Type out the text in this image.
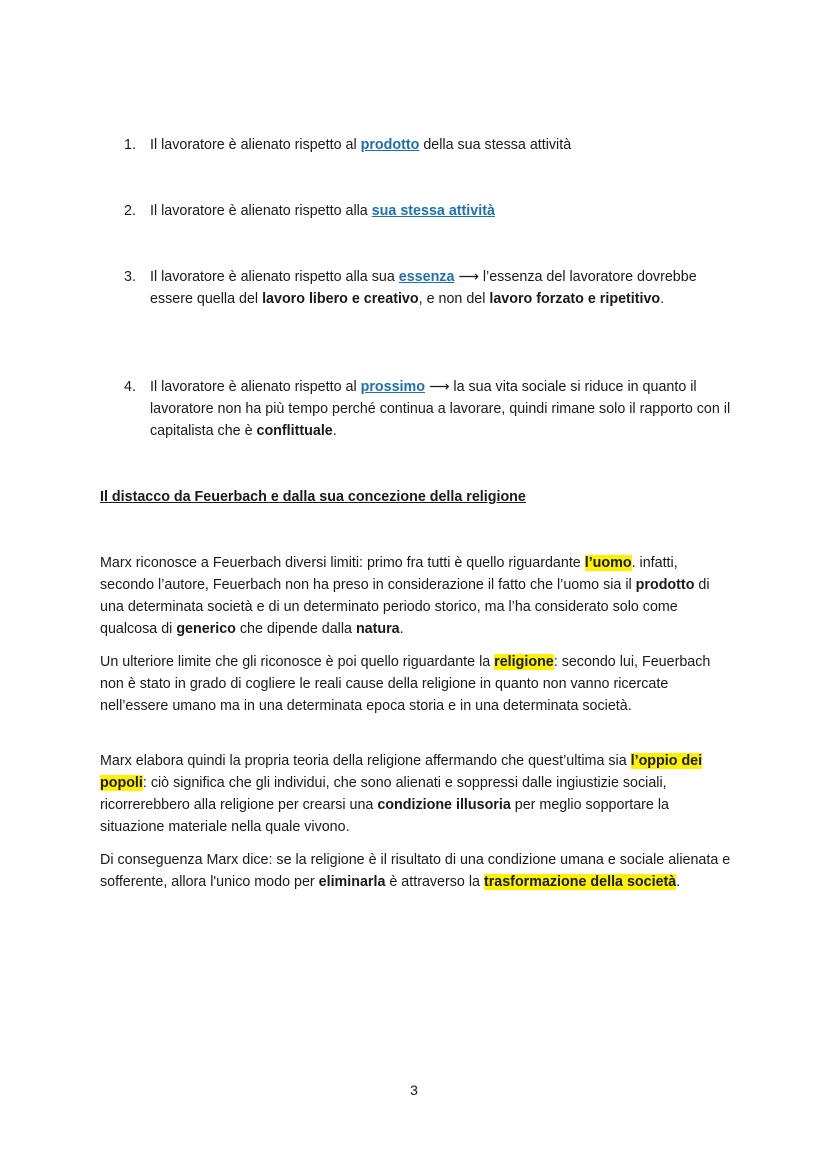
1. Il lavoratore è alienato rispetto al prodotto della sua stessa attività
2. Il lavoratore è alienato rispetto alla sua stessa attività
3. Il lavoratore è alienato rispetto alla sua essenza ⟶ l’essenza del lavoratore dovrebbe essere quella del lavoro libero e creativo, e non del lavoro forzato e ripetitivo.
4. Il lavoratore è alienato rispetto al prossimo ⟶ la sua vita sociale si riduce in quanto il lavoratore non ha più tempo perché continua a lavorare, quindi rimane solo il rapporto con il capitalista che è conflittuale.
Il distacco da Feuerbach e dalla sua concezione della religione

Marx riconosce a Feuerbach diversi limiti: primo fra tutti è quello riguardante l’uomo. infatti, secondo l’autore, Feuerbach non ha preso in considerazione il fatto che l’uomo sia il prodotto di una determinata società e di un determinato periodo storico, ma l’ha considerato solo come qualcosa di generico che dipende dalla natura.

Un ulteriore limite che gli riconosce è poi quello riguardante la religione: secondo lui, Feuerbach non è stato in grado di cogliere le reali cause della religione in quanto non vanno ricercate nell’essere umano ma in una determinata epoca storia e in una determinata società.

Marx elabora quindi la propria teoria della religione affermando che quest’ultima sia l’oppio dei popoli: ciò significa che gli individui, che sono alienati e soppressi dalle ingiustizie sociali, ricorrerebbero alla religione per crearsi una condizione illusoria per meglio sopportare la situazione materiale nella quale vivono.

Di conseguenza Marx dice: se la religione è il risultato di una condizione umana e sociale alienata e sofferente, allora l'unico modo per eliminarla è attraverso la trasformazione della società.

3
